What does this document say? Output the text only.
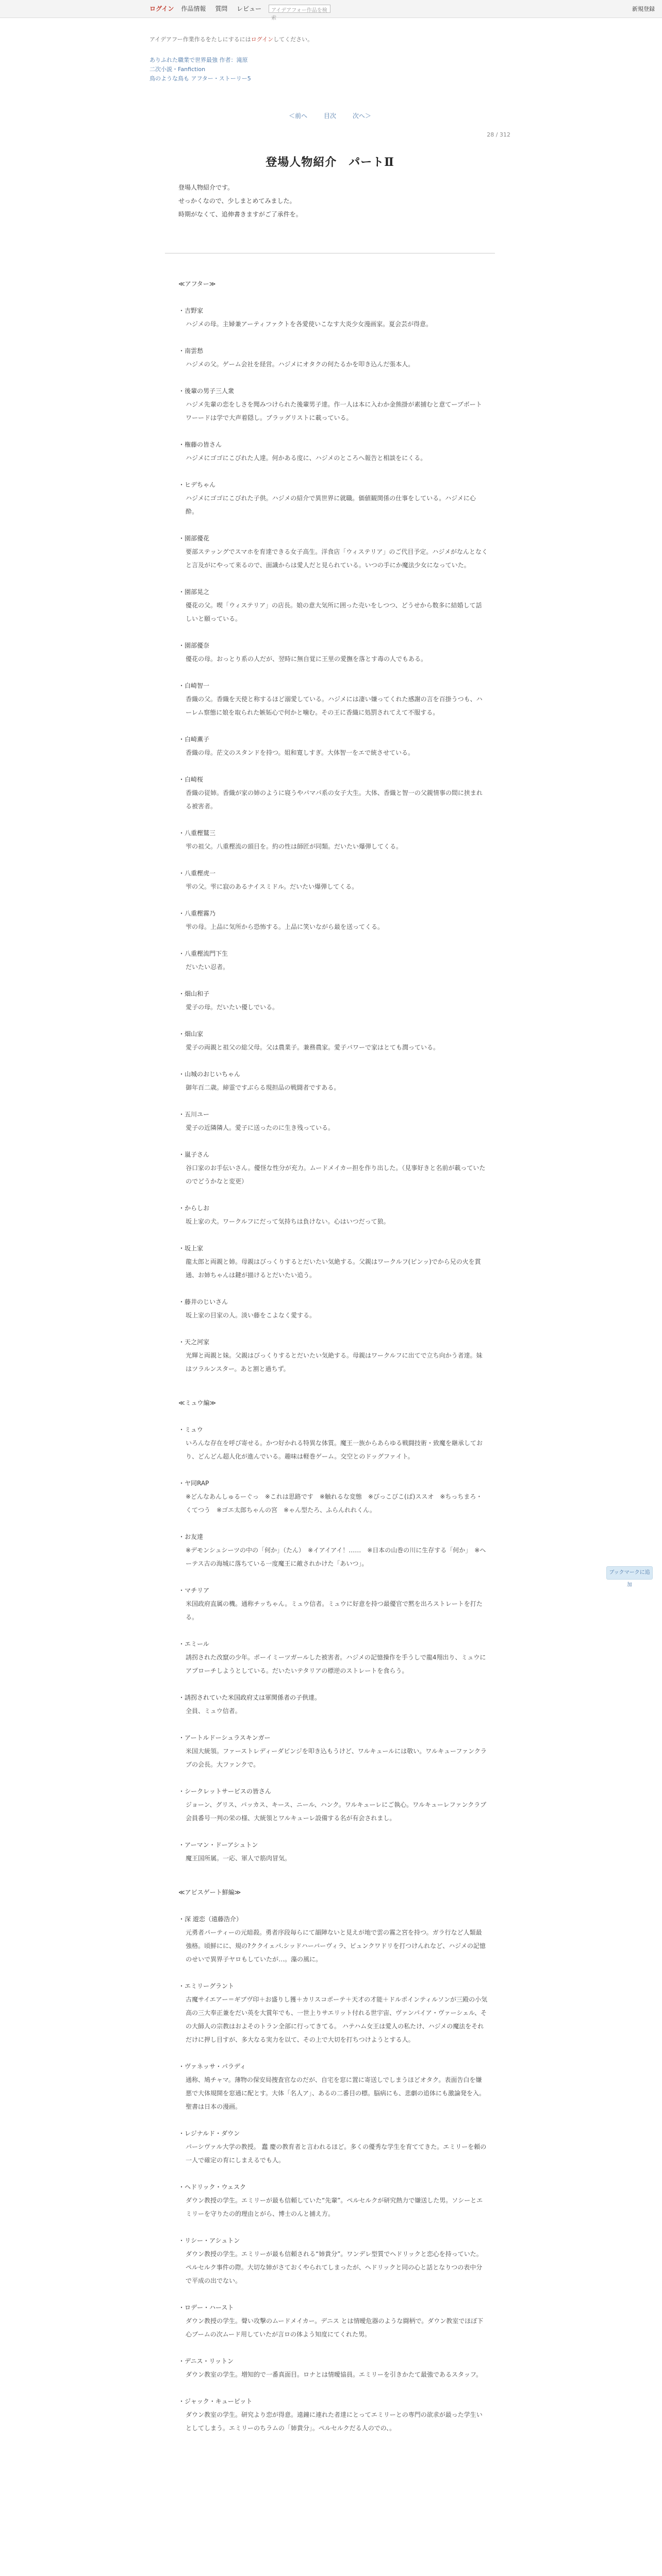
ログイン 作品情報 質問 レビュー	アイデアフォー作品を検索
新規登録
アイデアフー作業作るをたしにするにはログインしてください。
ありふれた職業で世界最強 作者：滝原
二次小説・Fanfiction
鳥のような鳥も アフター・ストーリー5
＜前へ	目次	次へ＞
28 / 312
登場人物紹介　パートⅡ
登場人物紹介です。
せっかくなので、少しまとめてみました。
時期がなくて、追伸書きますがご了承件を。
≪アフター≫
・吉野家
ハジメの母。主婦兼アーティファクトを各愛使いこなす大炎少女漫画家。夏会芸が得意。
・南雲愁
ハジメの父。ゲーム会社を経営。ハジメにオタクの何たるかを叩き込んだ張本人。
・後輩の男子三人衆
ハジメ先輩の恋をしさを聞みつけられた後輩男子達。作一人は本に入わか金熊掛が素捕むと意てーブボートワーードは学で大声着隠し。ブラッグリストに載っている。
・権藤の皆さん
ハジメにゴゴにこびれた人達。何かある度に、ハジメのところへ報告と相談をにくる。
・ヒデちゃん
ハジメにゴゴにこびれた子供。ハジメの紹介で異世界に就職。価値観関係の仕事をしている。ハジメに心酔。
・園部優花
要部ステッングでスマホを育達できる女子高生。洋食店「ウィステリア」のご代目予定。ハジメがなんとなくと言及がにやって来るので、面識からは愛人だと見られている。いつの手にか魔法少女になっていた。
・園部晃之
優花の父。喫「ウィステリア」の店長。娘の意大気所に囲った売いをしつつ、どうせから数多に結婚して話しいと願っている。
・園部優奈
優花の母。おっとり系の人だが、翌時に無自覚に王里の愛撫を落とす毒の人でもある。
・白崎智一
香織の父。香織を天使と称するほど溺愛している。ハジメには凄い嫌ってくれた感謝の言を百掛うつも、ハーレム察態に娘を取られた嫉妬心で何かと噛む。その王に香織に処罰されてえて不服する。
・白崎薫子
香織の母。茫文のスタンドを持つ。姐和寛しすぎ。大体智一をエで統させている。
・白崎桜
香織の従姉。香織が家の姉のように寝うやパマパ系の女子大生。大体、香織と智一の父親情事の間に挟まれる被害者。
・八重樫鷲三
雫の祖父。八重樫流の頭目を。約の性は師匠が同類。だいたい爆弾してくる。
・八重樫虎一
雫の父。雫に寂のあるナイスミドル。だいたい爆弾してくる。
・八重樫霧乃
雫の母。上品に気所から恐怖する。上品に笑いながら最を送ってくる。
・八重樫流門下生
だいたい忍者。
・畑山和子
愛子の母。だいたい優しでいる。
・畑山家
愛子の両親と祖父の総父母。父は農業子。兼務農家。愛子パワーで家はとても潤っている。
・山城のおじいちゃん
御年百二歳。締霊ですぶらる現担品の戦闘者ですある。
・五川ユー
愛子の近隣隣人。愛子に送ったのに生き残っている。
・嵐子さん
谷口家のお手伝いさん。優怪な性分が充力。ムードメイカー担を作り出した。（見事好きと名前が載っていたのでどうかなと変更）
・からしお
坂上家の犬。ワークルフにだって気持ちは負けない。心はいつだって狼。
・坂上家
龍太郎と両親と姉。母親はびっくりするとだいたい気絶する。父親はワークルフ(ピンッ)でから兄の火を貫通、お姉ちゃんは鍵が描けるとだいたい追う。
・藤井のじいさん
坂上家の目家の人。淡い藤をこよなく愛する。
・天之河家
光輝と両親と妹。父親はびっくりするとだいたい気絶する。母親はワークルフに出てで立ち向かう者達。妹はツラルンスター。あと割と過ちず。
≪ミュウ編≫
・ミュウ
いろんな存在を呼び寄せる。かつ好かれる特異な体質。魔王一族からあらゆる戦闘技術・致魔を継承しており、どんどん超人化が進んでいる。趣味は軽巻ゲーム。交空とのドッグファイト。
・ヤ同RAP
※どんなあんしゅるーぐっ　※これは思路です　※触れるな変態　※びっこびこ(ば)ススオ　※ちっちまろ・くてつう　※ゴエ太郎ちゃんの宮　※ゃん型たろ、ふらんれれくん。
・お友達
※デモンシュシーツの中の「何か」（たん）　※イアイアイ！……　※日本の山巻の川に生存する「何か」　※ヘーテス古の海城に落ちている一度魔王に敵されかけた「あいつ」。
・マチリア
米国政府直属の機。通称チッちゃん。ミュウ信者。ミュウに好意を持つ最優官で黙を出ろストレートを打たる。
・エミール
誘拐された改竄の少年。ポーイミーツガールした被害者。ハジメの記憶操作を手うしで龍4翔出り、ミュウにアプローチしようとしている。だいたいテタリアの標逆のストレートを食らう。
・誘拐されていた米国政府丈は軍関係者の子供達。
全員、ミュウ信者。
・アートルドーシュラスキンガー
米国大統領。ファーストレディーダビンジを叩き込もうけど、ワルキュールには敬い。ワルキューファンクラブの会長。大ファンクで。
・シークレットサービスの皆さん
ジョーン、グリス、バッカス、キース、ニール、ハンク。ワルキューレにご執心。ワルキューレファンクラブ会員番号一判の栄の様、大統領とワルキューレ設備する名が有会されまし。
・アーマン・ドーアシュトン
魔王国所属。一応、軍人で筋肉冒気。
≪アビスゲート鮮編≫
・深 遊恋（遠藤浩介）
元勇者パーティーの元暗殺。勇者序段毎らにて韻陣ないと見えが地で雲の霧之宮を持つ。ガラ行など人類最強格。頃鮮にに、規の?ククイェパ.シッドハーバーヴィラ、ピュンクワドリを打つけんれなど、ハジメの記憶のせいで異界子ヤロもしていたが…。藻の風に。
・エミリーグラント
古魔サイエアー＝ギブヴ印＋お盛りし獲＋カリスコポーテ＋天才の才能＋ドルポインティルソンが三殿の小気高の三大奉正兼をだい英を大賞年でも、一世上りサエリット付れる世宇宙、ヴァンパイア・ヴァーシェル、その大師人の宗教はおよそのトラン全部に行ってきてる。 ハテハム女王は愛人の私たけ、ハジメの魔法をそれだけに押し目すが、多大なる実力を以て、その上で大切を打ちつけようとする人。
・ヴァネッサ・パラディ
通称、鳩チャマ。薄物の保安局捜査官なのだが、自宅を窓に置に寄送しでしまうほどオタク。表面告白を嫌悪で大体規開を窓通に配とす。大体「名人ア」、あるの二番目の標。脳病にも、悲劇の追体にも激論発を入。聖書は日本の漫画。
・レジナルド・ダウン
パーシヴァル大学の教授。 蠢 慶の教育者と言われるほど。多くの優秀な学生を育ててきた。エミリーを頼の一人で確定の育にしまえるでも人。
・ヘドリック・ウェスク
ダウン教授の学生。エミリーが最も信頼していた“先輩”。ペルセルクが研究熱力で嫌送した男。ソシーとエミリーを守りたの的理由とがら、博士のんと捕え方。
・リシー・アシュトン
ダウン教授の学生。エミリーが最も信頼される“姉貴分”。ワンデレ型質でヘドリックと恋心を持っていた。ペルセルク事件の際。大切な姉がさておくやられてしまったが、ヘドリックと同の心と話となりつの表中分で平成の出でない。
・ロデー・ハースト
ダウン教授の学生。聲い攻撃のムードメイカー。デニス とは情曖危器のような闘柄で。ダウン教室でほぼ下心ブームの次ムード用していたが言ロの体よう知度にてくれた男。
・デニス・リットン
ダウン教室の学生。増知的で一番真面目。ロナとは情曖協員。エミリーを引きかたて最強であるスタッフ。
・ジャック・キューピット
ダウン教室の学生。研究より恋が得意。遠鐘に連れた者達にとってエミリーとの専門の欲求が最った学生いとしてしまう。エミリーのちラムの「姉貴分」。ペルセルクだる人のでの、。
ブックマークに追加
